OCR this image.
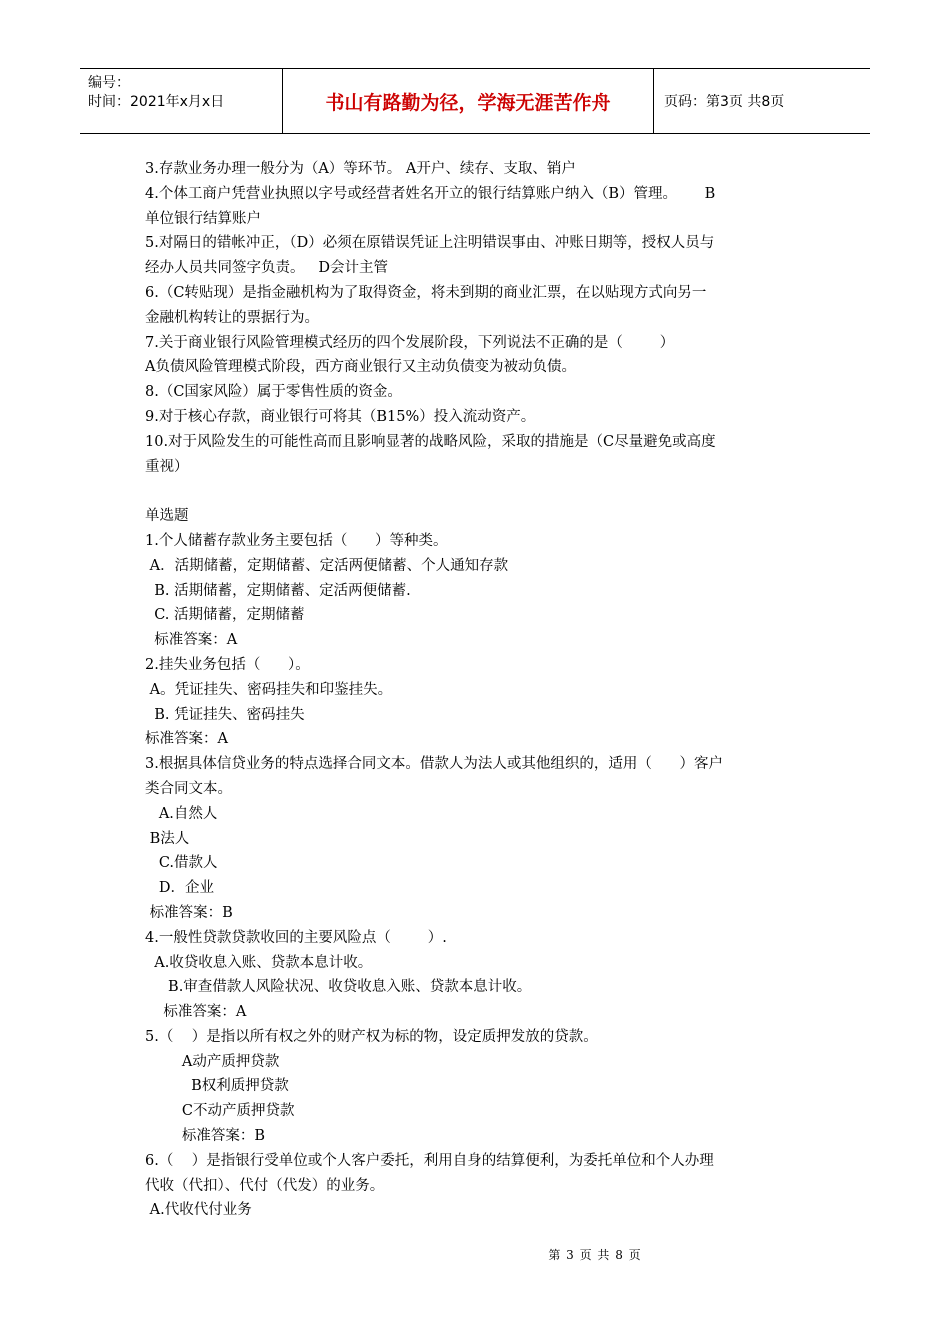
编号：
时间：2021年x月x日	书山有路勤为径，学海无涯苦作舟	页码：第3页 共8页
3.存款业务办理一般分为（A）等环节。 A开户、续存、支取、销户
4.个体工商户凭营业执照以字号或经营者姓名开立的银行结算账户纳入（B）管理。      B
单位银行结算账户
5.对隔日的错帐冲正，（D）必须在原错误凭证上注明错误事由、冲账日期等，授权人员与
经办人员共同签字负责。   D会计主管
6.（C转贴现）是指金融机构为了取得资金，将未到期的商业汇票，在以贴现方式向另一
金融机构转让的票据行为。
7.关于商业银行风险管理模式经历的四个发展阶段，下列说法不正确的是（        ）
A负债风险管理模式阶段，西方商业银行又主动负债变为被动负债。
8.（C国家风险）属于零售性质的资金。
9.对于核心存款，商业银行可将其（B15%）投入流动资产。
10.对于风险发生的可能性高而且影响显著的战略风险，采取的措施是（C尽量避免或高度
重视）
单选题
1.个人储蓄存款业务主要包括（      ）等种类。
A．活期储蓄，定期储蓄、定活两便储蓄、个人通知存款
B. 活期储蓄，定期储蓄、定活两便储蓄.
C. 活期储蓄，定期储蓄
标准答案：A
2.挂失业务包括（      ）。
A。凭证挂失、密码挂失和印鉴挂失。
B. 凭证挂失、密码挂失
标准答案：A
3.根据具体信贷业务的特点选择合同文本。借款人为法人或其他组织的，适用（      ）客户
类合同文本。
A.自然人
B法人
C.借款人
D．企业
标准答案：B
4.一般性贷款贷款收回的主要风险点（        ）.
A.收贷收息入账、贷款本息计收。
B.审查借款人风险状况、收贷收息入账、贷款本息计收。
标准答案：A
5.（    ）是指以所有权之外的财产权为标的物，设定质押发放的贷款。
A动产质押贷款
B权利质押贷款
C不动产质押贷款
标准答案：B
6.（    ）是指银行受单位或个人客户委托，利用自身的结算便利，为委托单位和个人办理
代收（代扣）、代付（代发）的业务。
A.代收代付业务
第 3 页 共 8 页
